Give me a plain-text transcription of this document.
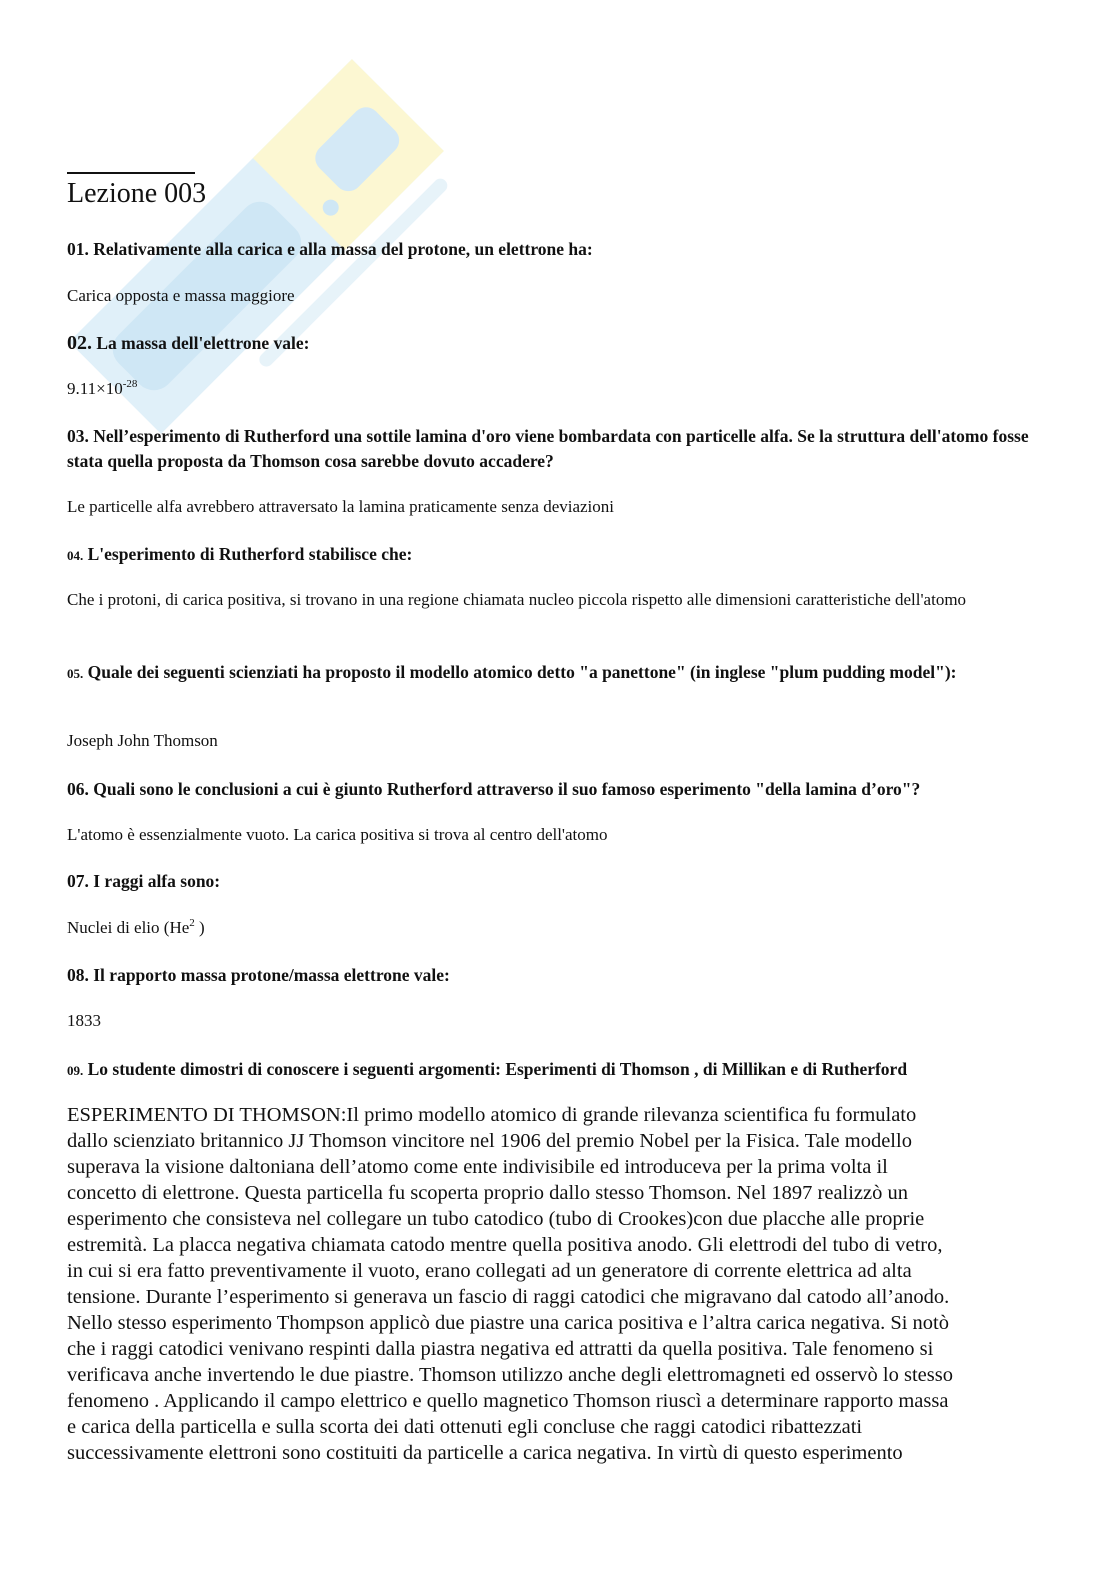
Lezione 003
01. Relativamente alla carica e alla massa del protone, un elettrone ha:
Carica opposta e massa maggiore
02. La massa dell'elettrone vale:
$9.11\times 10^{-28}$
03. Nell’esperimento di Rutherford una sottile lamina d'oro viene bombardata con particelle alfa. Se la struttura dell'atomo fosse stata quella proposta da Thomson cosa sarebbe dovuto accadere?
Le particelle alfa avrebbero attraversato la lamina praticamente senza deviazioni
04. L'esperimento di Rutherford stabilisce che:
Che i protoni, di carica positiva, si trovano in una regione chiamata nucleo piccola rispetto alle dimensioni caratteristiche dell'atomo
05. Quale dei seguenti scienziati ha proposto il modello atomico detto "a panettone" (in inglese "plum pudding model"):
Joseph John Thomson
06. Quali sono le conclusioni a cui è giunto Rutherford attraverso il suo famoso esperimento "della lamina d’oro"?
L'atomo è essenzialmente vuoto. La carica positiva si trova al centro dell'atomo
07. I raggi alfa sono:
Nuclei di elio (He$^2$ )
08. Il rapporto massa protone/massa elettrone vale:
1833
09. Lo studente dimostri di conoscere i seguenti argomenti: Esperimenti di Thomson , di Millikan e di Rutherford
ESPERIMENTO DI THOMSON:Il primo modello atomico di grande rilevanza scientifica fu formulato
dallo scienziato britannico JJ Thomson vincitore nel 1906 del premio Nobel per la Fisica. Tale modello
superava la visione daltoniana dell’atomo come ente indivisibile ed introduceva per la prima volta il
concetto di elettrone. Questa particella fu scoperta proprio dallo stesso Thomson. Nel 1897 realizzò un
esperimento che consisteva nel collegare un tubo catodico (tubo di Crookes)con due placche alle proprie
estremità. La placca negativa chiamata catodo mentre quella positiva anodo. Gli elettrodi del tubo di vetro,
in cui si era fatto preventivamente il vuoto, erano collegati ad un generatore di corrente elettrica ad alta
tensione. Durante l’esperimento si generava un fascio di raggi catodici che migravano dal catodo all’anodo.
Nello stesso esperimento Thompson applicò due piastre una carica positiva e l’altra carica negativa. Si notò
che i raggi catodici venivano respinti dalla piastra negativa ed attratti da quella positiva. Tale fenomeno si
verificava anche invertendo le due piastre. Thomson utilizzo anche degli elettromagneti ed osservò lo stesso
fenomeno . Applicando il campo elettrico e quello magnetico Thomson riuscì a determinare rapporto massa
e carica della particella e sulla scorta dei dati ottenuti egli concluse che raggi catodici ribattezzati
successivamente elettroni sono costituiti da particelle a carica negativa. In virtù di questo esperimento
